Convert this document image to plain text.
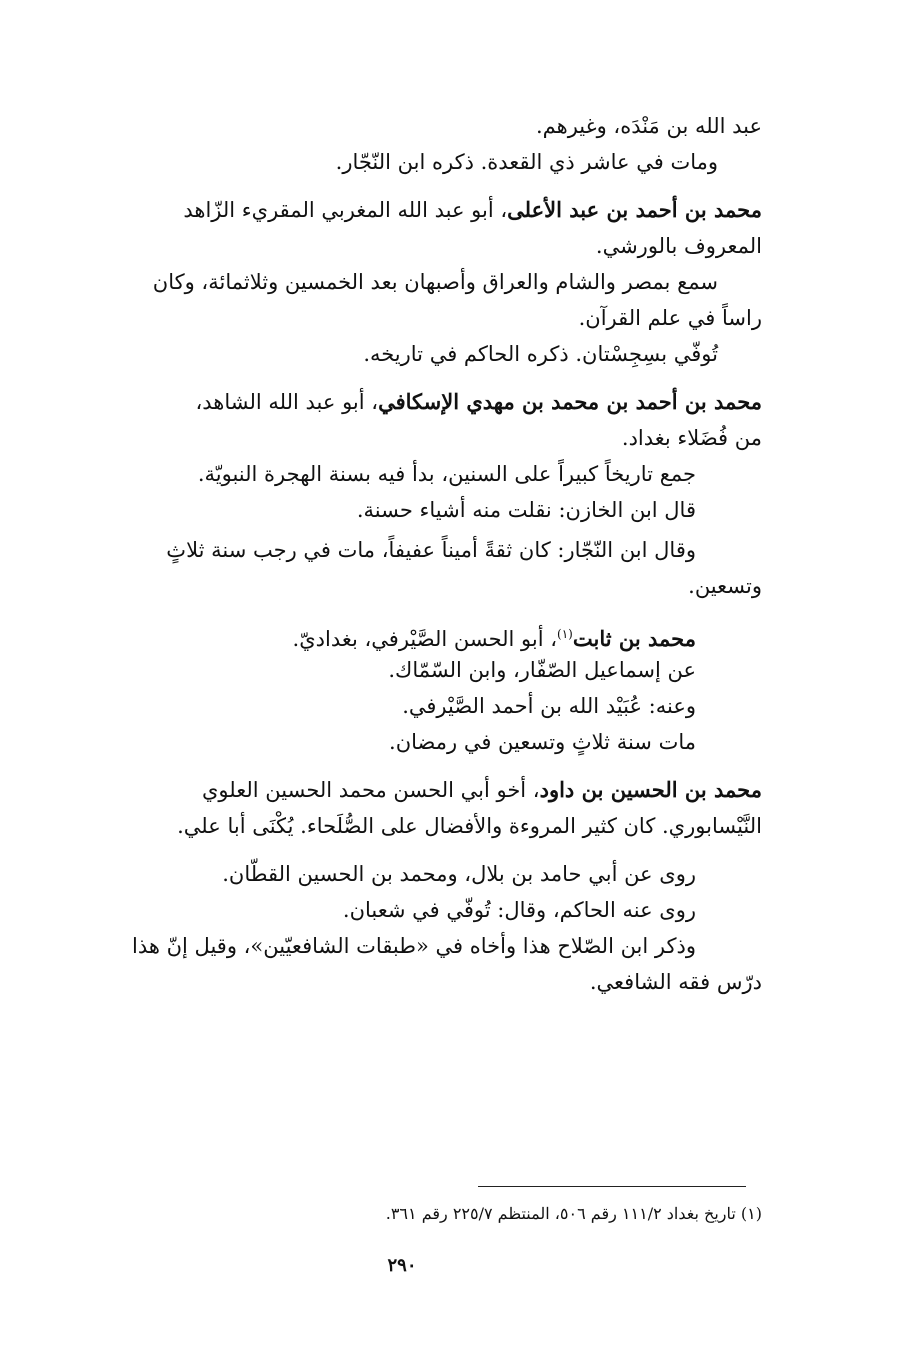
عبد الله بن مَنْدَه، وغيرهم.
ومات في عاشر ذي القعدة. ذكره ابن النّجّار.
محمد بن أحمد بن عبد الأعلى، أبو عبد الله المغربي المقريء الزّاهد
المعروف بالورشي.
سمع بمصر والشام والعراق وأصبهان بعد الخمسين وثلاثمائة، وكان
راساً في علم القرآن.
تُوفّي بسِجِسْتان. ذكره الحاكم في تاريخه.
محمد بن أحمد بن محمد بن مهدي الإسكافي، أبو عبد الله الشاهد،
من فُضَلاء بغداد.
جمع تاريخاً كبيراً على السنين، بدأ فيه بسنة الهجرة النبويّة.
قال ابن الخازن: نقلت منه أشياء حسنة.
وقال ابن النّجّار: كان ثقةً أميناً عفيفاً، مات في رجب سنة ثلاثٍ
وتسعين.
محمد بن ثابت$^{(١)}$، أبو الحسن الصَّيْرفي، بغداديّ.
عن إسماعيل الصّفّار، وابن السّمّاك.
وعنه: عُبَيْد الله بن أحمد الصَّيْرفي.
مات سنة ثلاثٍ وتسعين في رمضان.
محمد بن الحسين بن داود، أخو أبي الحسن محمد الحسين العلوي
النَّيْسابوري. كان كثير المروءة والأفضال على الصُّلَحاء. يُكْنَى أبا علي.
روى عن أبي حامد بن بلال، ومحمد بن الحسين القطّان.
روى عنه الحاكم، وقال: تُوفّي في شعبان.
وذكر ابن الصّلاح هذا وأخاه في «طبقات الشافعيّين»، وقيل إنّ هذا
درّس فقه الشافعي.
(١) تاريخ بغداد ١١١/٢ رقم ٥٠٦، المنتظم ٢٢٥/٧ رقم ٣٦١.
٢٩٠
